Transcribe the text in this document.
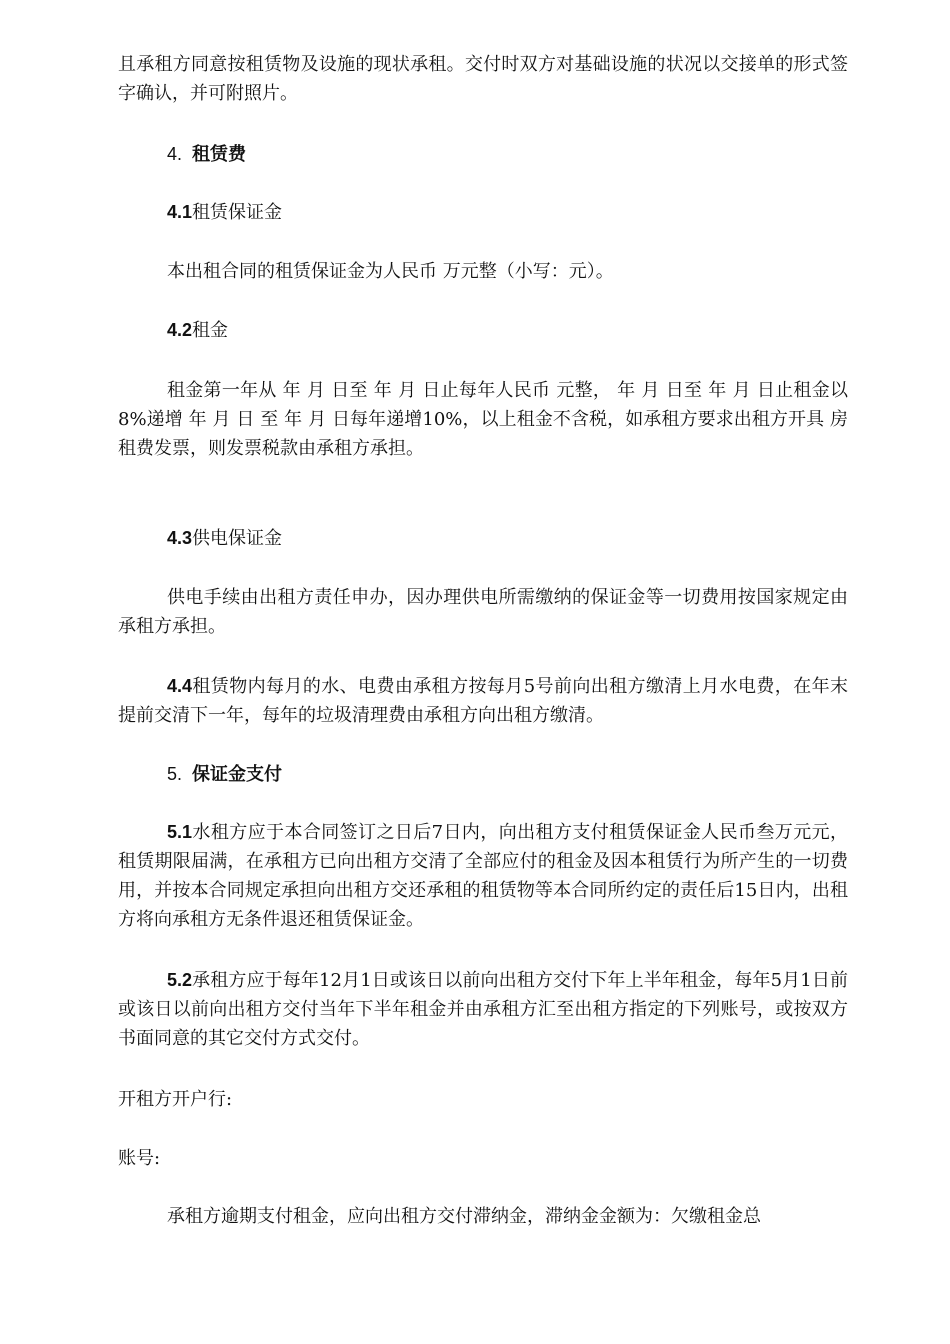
且承租方同意按租赁物及设施的现状承租。交付时双方对基础设施的状况以交接单的形式签字确认，并可附照片。

4. 租赁费

4.1租赁保证金

本出租合同的租赁保证金为人民币 万元整（小写：元）。

4.2租金

租金第一年从 年 月 日至 年 月 日止每年人民币 元整， 年 月 日至 年 月 日止租金以8%递增 年 月 日 至 年 月 日每年递增10%，以上租金不含税，如承租方要求出租方开具 房租费发票，则发票税款由承租方承担。

4.3供电保证金

供电手续由出租方责任申办，因办理供电所需缴纳的保证金等一切费用按国家规定由承租方承担。

4.4租赁物内每月的水、电费由承租方按每月5号前向出租方缴清上月水电费，在年末提前交清下一年，每年的垃圾清理费由承租方向出租方缴清。

5. 保证金支付

5.1水租方应于本合同签订之日后7日内，向出租方支付租赁保证金人民币叁万元元，租赁期限届满，在承租方已向出租方交清了全部应付的租金及因本租赁行为所产生的一切费用，并按本合同规定承担向出租方交还承租的租赁物等本合同所约定的责任后15日内，出租方将向承租方无条件退还租赁保证金。

5.2承租方应于每年12月1日或该日以前向出租方交付下年上半年租金，每年5月1日前或该日以前向出租方交付当年下半年租金并由承租方汇至出租方指定的下列账号，或按双方书面同意的其它交付方式交付。

开租方开户行:

账号:

承租方逾期支付租金，应向出租方交付滞纳金，滞纳金金额为：欠缴租金总
